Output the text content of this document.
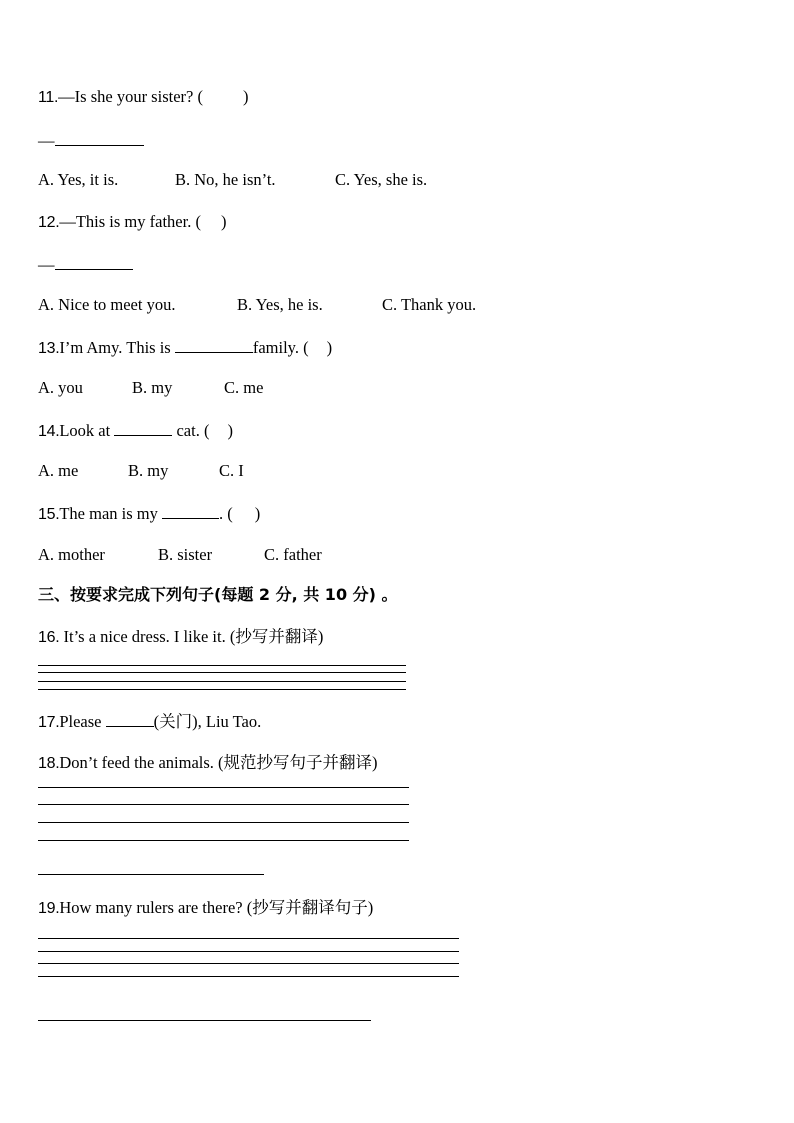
11.—Is she your sister? ( )

—

A. Yes, it is.	B. No, he isn’t.	C. Yes, she is.

12.—This is my father. ( )

—

A. Nice to meet you.	B. Yes, he is.	C. Thank you.

13.I’m Amy. This is	family. ( )

A. you	B. my	C. me

14.Look at	cat. ( )

A. me	B. my	C. I

15.The man is my	. ( )

A. mother	B. sister	C. father

三、按要求完成下列句子(每题 2 分, 共 10 分) 。

16. It’s a nice dress. I like it. (抄写并翻译)

17.Please	(关门), Liu Tao.

18.Don’t feed the animals. (规范抄写句子并翻译)

19.How many rulers are there? (抄写并翻译句子)
